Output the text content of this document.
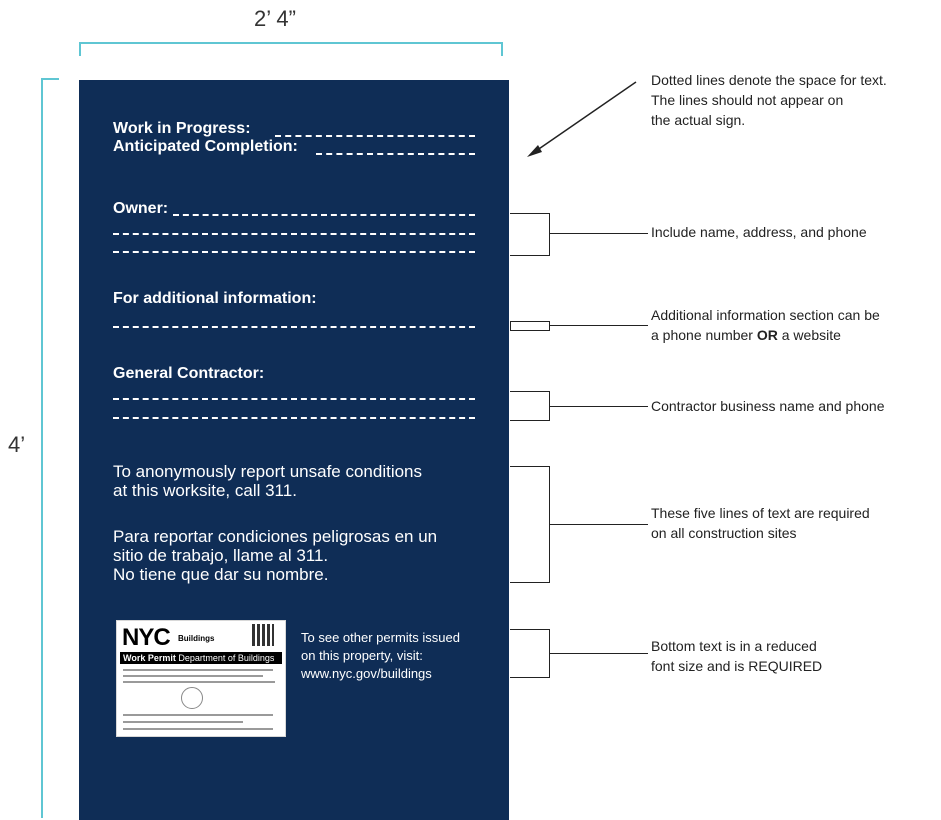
2’ 4”
4’
Work in Progress:
Anticipated Completion:
Owner:
For additional information:
General Contractor:
To anonymously report unsafe conditions
at this worksite, call 311.
Para reportar condiciones peligrosas en un
sitio de trabajo, llame al 311.
No tiene que dar su nombre.
NYC Buildings
Work Permit Department of Buildings
To see other permits issued
on this property, visit:
www.nyc.gov/buildings
Dotted lines denote the space for text.
The lines should not appear on
the actual sign.
Include name, address, and phone
Additional information section can be
a phone number OR a website
Contractor business name and phone
These five lines of text are required
on all construction sites
Bottom text is in a reduced
font size and is REQUIRED
